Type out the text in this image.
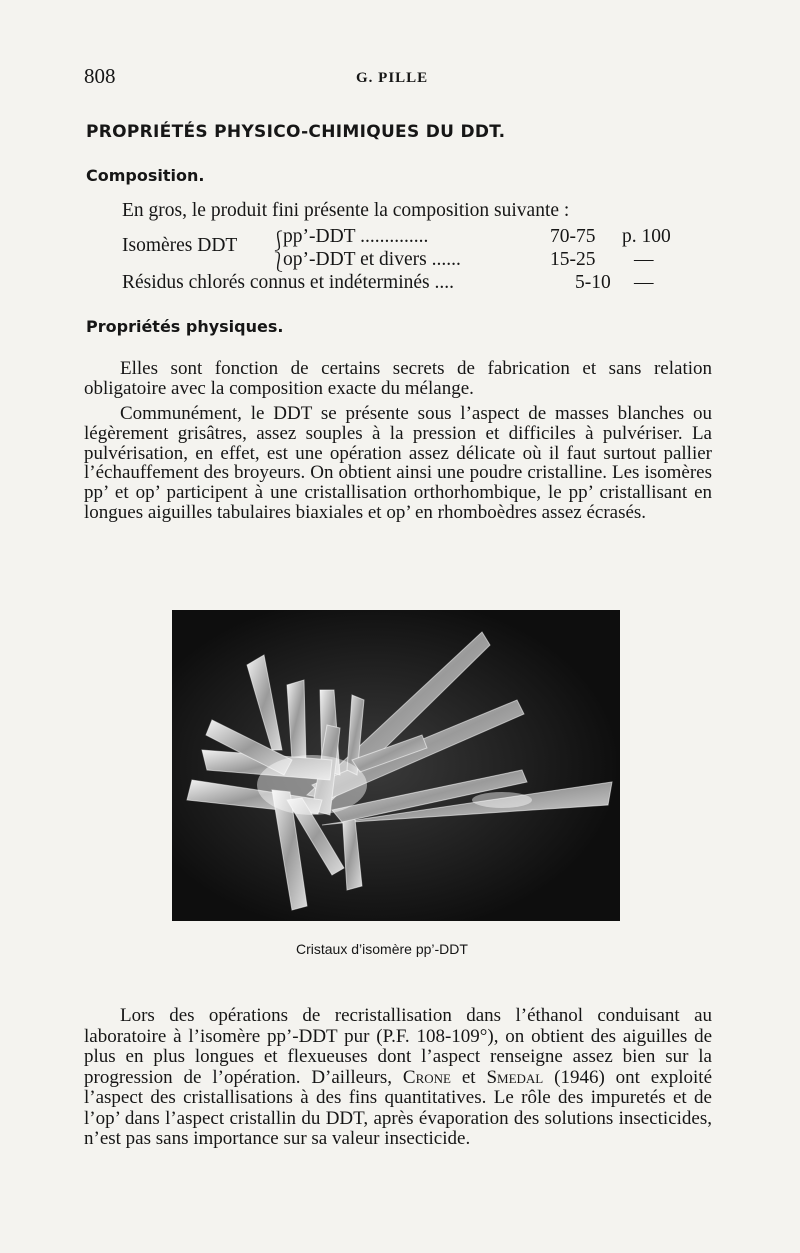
808	G. PILLE
PROPRIÉTÉS PHYSICO-CHIMIQUES DU DDT.
Composition.
En gros, le produit fini présente la composition suivante :
Isomères DDT ⎰
⎱
pp’-DDT ..............	70-75 p. 100
op’-DDT et divers ......	15-25 —
Résidus chlorés connus et indéterminés ....	5-10 —
Propriétés physiques.

Elles sont fonction de certains secrets de fabrication et sans relation obligatoire avec la composition exacte du mélange.

Communément, le DDT se présente sous l’aspect de masses blanches ou légèrement grisâtres, assez souples à la pression et difficiles à pulvériser. La pulvérisation, en effet, est une opération assez délicate où il faut surtout pallier l’échauffement des broyeurs. On obtient ainsi une poudre cristalline. Les isomères pp’ et op’ participent à une cristallisation orthorhombique, le pp’ cristallisant en longues aiguilles tabulaires biaxiales et op’ en rhomboèdres assez écrasés.

Cristaux d’isomère pp’-DDT

Lors des opérations de recristallisation dans l’éthanol conduisant au laboratoire à l’isomère pp’-DDT pur (P.F. 108-109°), on obtient des aiguilles de plus en plus longues et flexueuses dont l’aspect renseigne assez bien sur la progression de l’opération. D’ailleurs, Crone et Smedal (1946) ont exploité l’aspect des cristallisations à des fins quantitatives. Le rôle des impuretés et de l’op’ dans l’aspect cristallin du DDT, après évaporation des solutions insecticides, n’est pas sans importance sur sa valeur insecticide.
